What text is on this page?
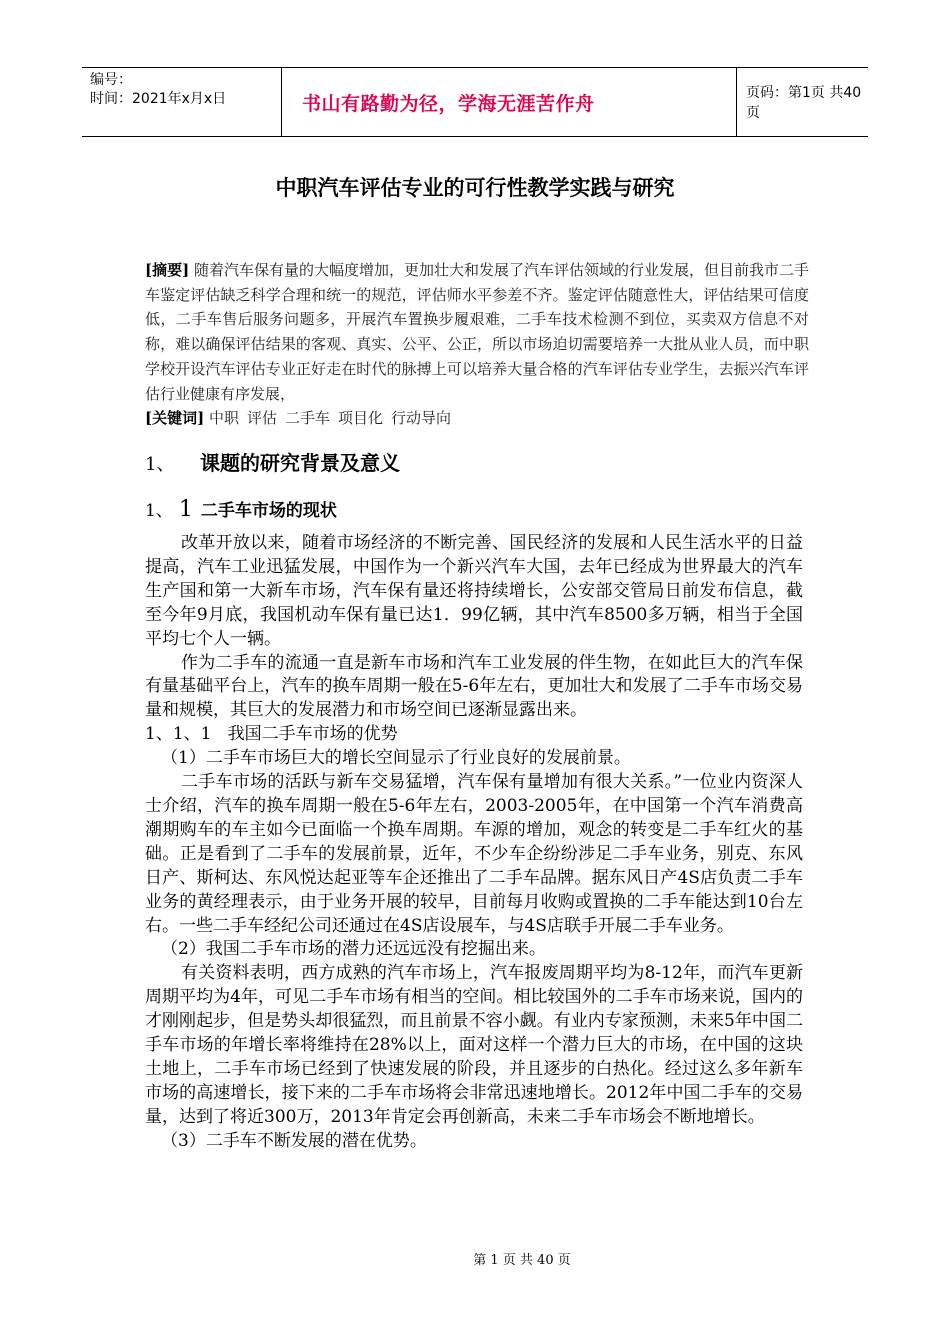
编号：
时间：2021年x月x日	书山有路勤为径，学海无涯苦作舟	页码：第1页 共40页
中职汽车评估专业的可行性教学实践与研究

[摘要] 随着汽车保有量的大幅度增加，更加壮大和发展了汽车评估领域的行业发展，但目前我市二手车鉴定评估缺乏科学合理和统一的规范，评估师水平参差不齐。鉴定评估随意性大，评估结果可信度低，二手车售后服务问题多，开展汽车置换步履艰难，二手车技术检测不到位，买卖双方信息不对称，难以确保评估结果的客观、真实、公平、公正，所以市场迫切需要培养一大批从业人员，而中职学校开设汽车评估专业正好走在时代的脉搏上可以培养大量合格的汽车评估专业学生，去振兴汽车评估行业健康有序发展，

[关键词] 中职 评估 二手车 项目化 行动导向

1、 课题的研究背景及意义
1、 1 二手车市场的现状

改革开放以来，随着市场经济的不断完善、国民经济的发展和人民生活水平的日益提高，汽车工业迅猛发展，中国作为一个新兴汽车大国，去年已经成为世界最大的汽车生产国和第一大新车市场，汽车保有量还将持续增长，公安部交管局日前发布信息，截至今年9月底，我国机动车保有量已达1．99亿辆，其中汽车8500多万辆，相当于全国平均七个人一辆。

作为二手车的流通一直是新车市场和汽车工业发展的伴生物，在如此巨大的汽车保有量基础平台上，汽车的换车周期一般在5-6年左右，更加壮大和发展了二手车市场交易量和规模，其巨大的发展潜力和市场空间已逐渐显露出来。

1、1、1   我国二手车市场的优势

（1）二手车市场巨大的增长空间显示了行业良好的发展前景。

二手车市场的活跃与新车交易猛增，汽车保有量增加有很大关系。”一位业内资深人士介绍，汽车的换车周期一般在5-6年左右，2003-2005年，在中国第一个汽车消费高潮期购车的车主如今已面临一个换车周期。车源的增加，观念的转变是二手车红火的基础。正是看到了二手车的发展前景，近年，不少车企纷纷涉足二手车业务，别克、东风日产、斯柯达、东风悦达起亚等车企还推出了二手车品牌。据东风日产4S店负责二手车业务的黄经理表示，由于业务开展的较早，目前每月收购或置换的二手车能达到10台左右。一些二手车经纪公司还通过在4S店设展车，与4S店联手开展二手车业务。

（2）我国二手车市场的潜力还远远没有挖掘出来。

有关资料表明，西方成熟的汽车市场上，汽车报废周期平均为8-12年，而汽车更新周期平均为4年，可见二手车市场有相当的空间。相比较国外的二手车市场来说，国内的才刚刚起步，但是势头却很猛烈，而且前景不容小觑。有业内专家预测，未来5年中国二手车市场的年增长率将维持在28%以上，面对这样一个潜力巨大的市场，在中国的这块土地上，二手车市场已经到了快速发展的阶段，并且逐步的白热化。经过这么多年新车市场的高速增长，接下来的二手车市场将会非常迅速地增长。2012年中国二手车的交易量，达到了将近300万，2013年肯定会再创新高，未来二手车市场会不断地增长。

（3）二手车不断发展的潜在优势。

第 1 页 共 40 页
